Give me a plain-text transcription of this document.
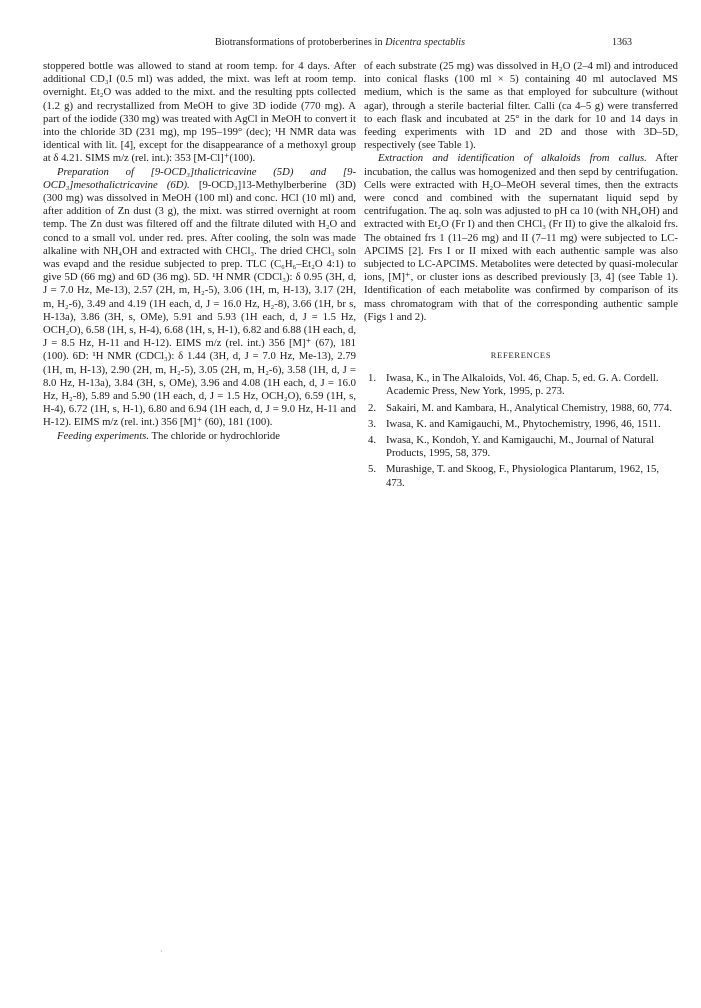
Biotransformations of protoberberines in Dicentra spectablis	1363

stoppered bottle was allowed to stand at room temp. for 4 days. After additional CD₃I (0.5 ml) was added, the mixt. was left at room temp. overnight. Et₂O was added to the mixt. and the resulting ppts collected (1.2 g) and recrystallized from MeOH to give 3D iodide (770 mg). A part of the iodide (330 mg) was treated with AgCl in MeOH to convert it into the chloride 3D (231 mg), mp 195–199° (dec); ¹H NMR data was identical with lit. [4], except for the disappearance of a methoxyl group at δ 4.21. SIMS m/z (rel. int.): 353 [M-Cl]⁺(100).

Preparation of [9-OCD₃]thalictricavine (5D) and [9-OCD₃]mesothalictricavine (6D). [9-OCD₃]13-Methylberberine (3D) (300 mg) was dissolved in MeOH (100 ml) and conc. HCl (10 ml) and, after addition of Zn dust (3 g), the mixt. was stirred overnight at room temp. The Zn dust was filtered off and the filtrate diluted with H₂O and concd to a small vol. under red. pres. After cooling, the soln was made alkaline with NH₄OH and extracted with CHCl₃. The dried CHCl₃ soln was evapd and the residue subjected to prep. TLC (C₆H₆–Et₂O 4:1) to give 5D (66 mg) and 6D (36 mg). 5D. ¹H NMR (CDCl₃): δ 0.95 (3H, d, J = 7.0 Hz, Me-13), 2.57 (2H, m, H₂-5), 3.06 (1H, m, H-13), 3.17 (2H, m, H₂-6), 3.49 and 4.19 (1H each, d, J = 16.0 Hz, H₂-8), 3.66 (1H, br s, H-13a), 3.86 (3H, s, OMe), 5.91 and 5.93 (1H each, d, J = 1.5 Hz, OCH₂O), 6.58 (1H, s, H-4), 6.68 (1H, s, H-1), 6.82 and 6.88 (1H each, d, J = 8.5 Hz, H-11 and H-12). EIMS m/z (rel. int.) 356 [M]⁺ (67), 181 (100). 6D: ¹H NMR (CDCl₃): δ 1.44 (3H, d, J = 7.0 Hz, Me-13), 2.79 (1H, m, H-13), 2.90 (2H, m, H₂-5), 3.05 (2H, m, H₂-6), 3.58 (1H, d, J = 8.0 Hz, H-13a), 3.84 (3H, s, OMe), 3.96 and 4.08 (1H each, d, J = 16.0 Hz, H₂-8), 5.89 and 5.90 (1H each, d, J = 1.5 Hz, OCH₂O), 6.59 (1H, s, H-4), 6.72 (1H, s, H-1), 6.80 and 6.94 (1H each, d, J = 9.0 Hz, H-11 and H-12). EIMS m/z (rel. int.) 356 [M]⁺ (60), 181 (100).

Feeding experiments. The chloride or hydrochloride

of each substrate (25 mg) was dissolved in H₂O (2–4 ml) and introduced into conical flasks (100 ml × 5) containing 40 ml autoclaved MS medium, which is the same as that employed for subculture (without agar), through a sterile bacterial filter. Calli (ca 4–5 g) were transferred to each flask and incubated at 25° in the dark for 10 and 14 days in feeding experiments with 1D and 2D and those with 3D–5D, respectively (see Table 1).

Extraction and identification of alkaloids from callus. After incubation, the callus was homogenized and then sepd by centrifugation. Cells were extracted with H₂O–MeOH several times, then the extracts were concd and combined with the supernatant liquid sepd by centrifugation. The aq. soln was adjusted to pH ca 10 (with NH₄OH) and extracted with Et₂O (Fr I) and then CHCl₃ (Fr II) to give the alkaloid frs. The obtained frs 1 (11–26 mg) and II (7–11 mg) were subjected to LC-APCIMS [2]. Frs I or II mixed with each authentic sample was also subjected to LC-APCIMS. Metabolites were detected by quasi-molecular ions, [M]⁺, or cluster ions as described previously [3, 4] (see Table 1). Identification of each metabolite was confirmed by comparison of its mass chromatogram with that of the corresponding authentic sample (Figs 1 and 2).

REFERENCES
1. Iwasa, K., in The Alkaloids, Vol. 46, Chap. 5, ed. G. A. Cordell. Academic Press, New York, 1995, p. 273.
2. Sakairi, M. and Kambara, H., Analytical Chemistry, 1988, 60, 774.
3. Iwasa, K. and Kamigauchi, M., Phytochemistry, 1996, 46, 1511.
4. Iwasa, K., Kondoh, Y. and Kamigauchi, M., Journal of Natural Products, 1995, 58, 379.
5. Murashige, T. and Skoog, F., Physiologica Plantarum, 1962, 15, 473.
·
